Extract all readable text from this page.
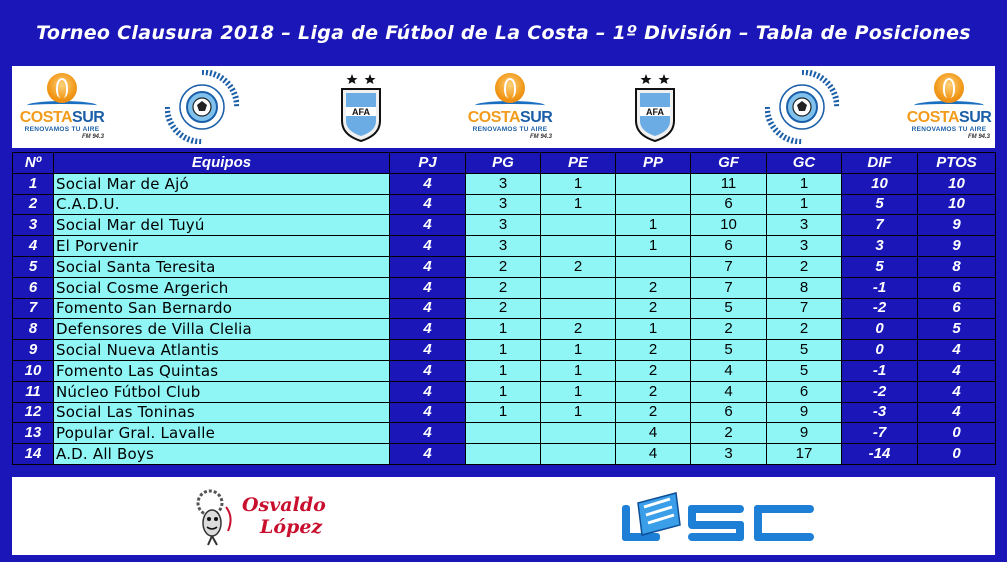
Torneo Clausura 2018 – Liga de Fútbol de La Costa – 1º División – Tabla de Posiciones
COSTASUR
RENOVAMOS TU AIRE
FM 94.3
AFA	COSTASUR
RENOVAMOS TU AIRE
FM 94.3
AFA	COSTASUR
RENOVAMOS TU AIRE
FM 94.3
Nº	Equipos	PJ	PG	PE	PP	GF	GC	DIF	PTOS
1	Social Mar de Ajó	4	3	1		11	1	10	10
2	C.A.D.U.	4	3	1		6	1	5	10
3	Social Mar del Tuyú	4	3		1	10	3	7	9
4	El Porvenir	4	3		1	6	3	3	9
5	Social Santa Teresita	4	2	2		7	2	5	8
6	Social Cosme Argerich	4	2		2	7	8	-1	6
7	Fomento San Bernardo	4	2		2	5	7	-2	6
8	Defensores de Villa Clelia	4	1	2	1	2	2	0	5
9	Social Nueva Atlantis	4	1	1	2	5	5	0	4
10	Fomento Las Quintas	4	1	1	2	4	5	-1	4
11	Núcleo Fútbol Club	4	1	1	2	4	6	-2	4
12	Social Las Toninas	4	1	1	2	6	9	-3	4
13	Popular Gral. Lavalle	4			4	2	9	-7	0
14	A.D. All Boys	4			4	3	17	-14	0
Osvaldo
López
